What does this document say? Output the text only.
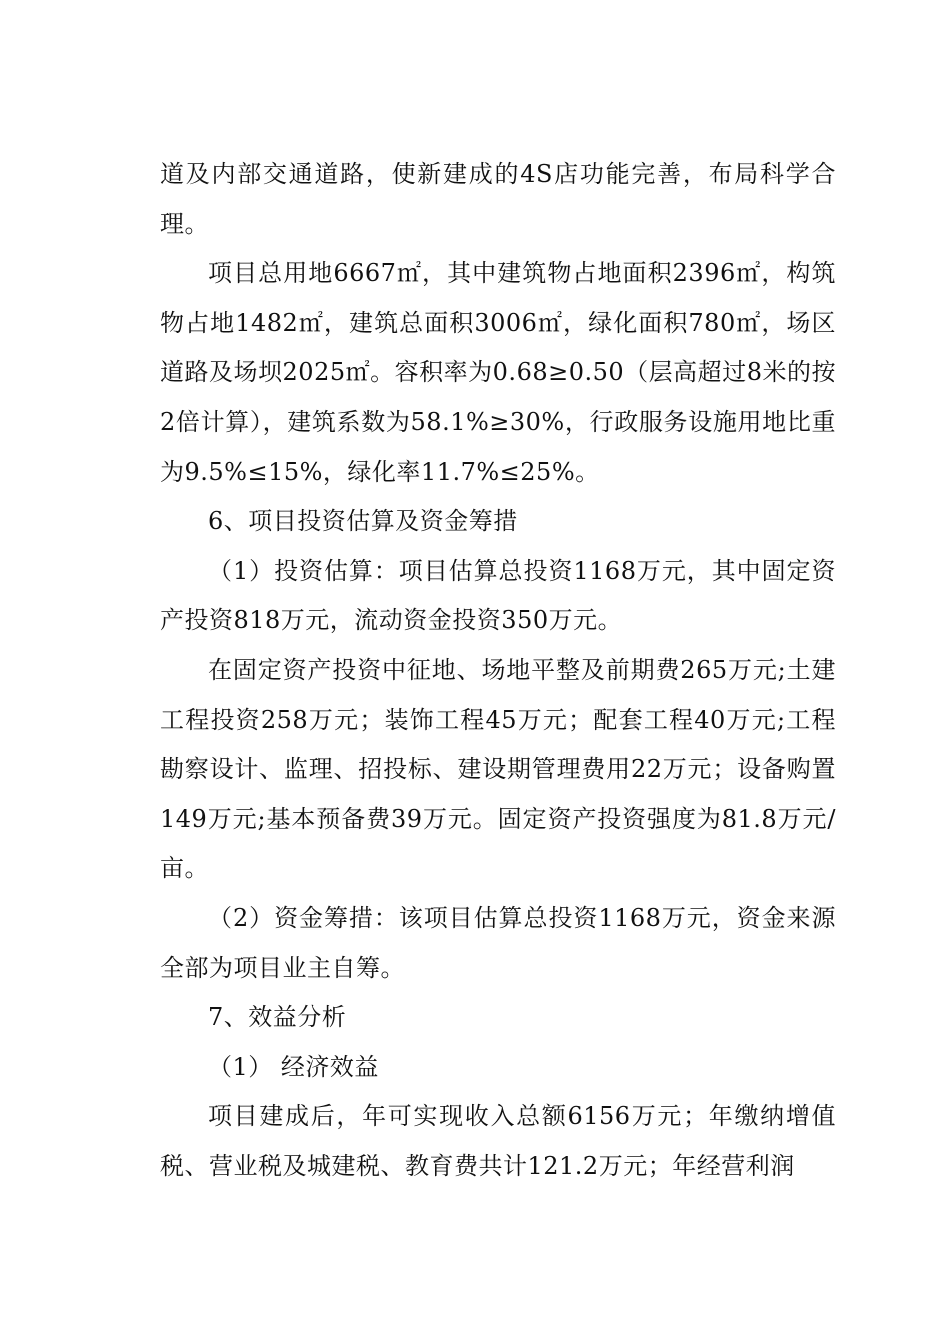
道及内部交通道路，使新建成的4S店功能完善，布局科学合理。

项目总用地6667㎡，其中建筑物占地面积2396㎡，构筑物占地1482㎡，建筑总面积3006㎡，绿化面积780㎡，场区道路及场坝2025㎡。容积率为0.68≥0.50（层高超过8米的按2倍计算），建筑系数为58.1%≥30%，行政服务设施用地比重为9.5%≤15%，绿化率11.7%≤25%。

6、项目投资估算及资金筹措

（1）投资估算：项目估算总投资1168万元，其中固定资产投资818万元，流动资金投资350万元。

在固定资产投资中征地、场地平整及前期费265万元;土建工程投资258万元；装饰工程45万元；配套工程40万元;工程勘察设计、监理、招投标、建设期管理费用22万元；设备购置149万元;基本预备费39万元。固定资产投资强度为81.8万元/亩。

（2）资金筹措：该项目估算总投资1168万元，资金来源全部为项目业主自筹。

7、效益分析

（1） 经济效益

项目建成后，年可实现收入总额6156万元；年缴纳增值税、营业税及城建税、教育费共计121.2万元；年经营利润
